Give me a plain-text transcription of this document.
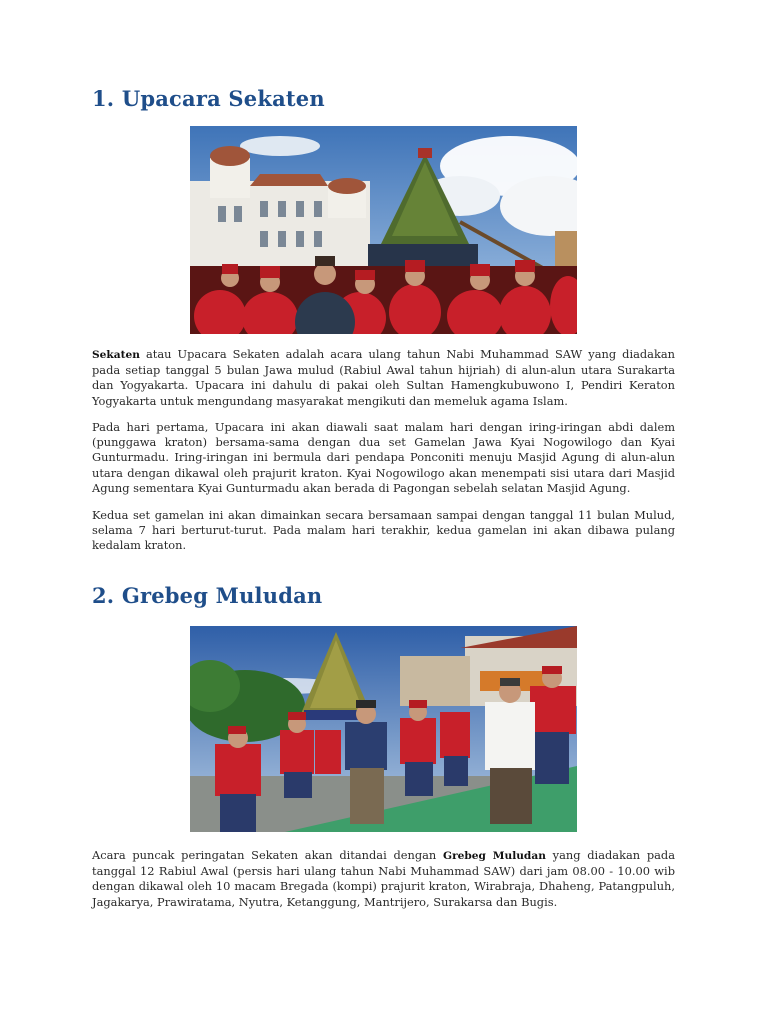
1. Upacara Sekaten

Sekaten atau Upacara Sekaten adalah acara ulang tahun Nabi Muhammad SAW yang diadakan pada setiap tanggal 5 bulan Jawa mulud (Rabiul Awal tahun hijriah) di alun-alun utara Surakarta dan Yogyakarta. Upacara ini dahulu di pakai oleh Sultan Hamengkubuwono I, Pendiri Keraton Yogyakarta untuk mengundang masyarakat mengikuti dan memeluk agama Islam.

Pada hari pertama, Upacara ini akan diawali saat malam hari dengan iring-iringan abdi dalem (punggawa kraton) bersama-sama dengan dua set Gamelan Jawa Kyai Nogowilogo dan Kyai Gunturmadu. Iring-iringan ini bermula dari pendapa Ponconiti menuju Masjid Agung di alun-alun utara dengan dikawal oleh prajurit kraton. Kyai Nogowilogo akan menempati sisi utara dari Masjid Agung sementara Kyai Gunturmadu akan berada di Pagongan sebelah selatan Masjid Agung.

Kedua set gamelan ini akan dimainkan secara bersamaan sampai dengan tanggal 11 bulan Mulud, selama 7 hari berturut-turut. Pada malam hari terakhir, kedua gamelan ini akan dibawa pulang kedalam kraton.

2. Grebeg Muludan

Acara puncak peringatan Sekaten akan ditandai dengan Grebeg Muludan yang diadakan pada tanggal 12 Rabiul Awal (persis hari ulang tahun Nabi Muhammad SAW) dari jam 08.00 - 10.00 wib dengan dikawal oleh 10 macam Bregada (kompi) prajurit kraton, Wirabraja, Dhaheng, Patangpuluh, Jagakarya, Prawiratama, Nyutra, Ketanggung, Mantrijero, Surakarsa dan Bugis.
